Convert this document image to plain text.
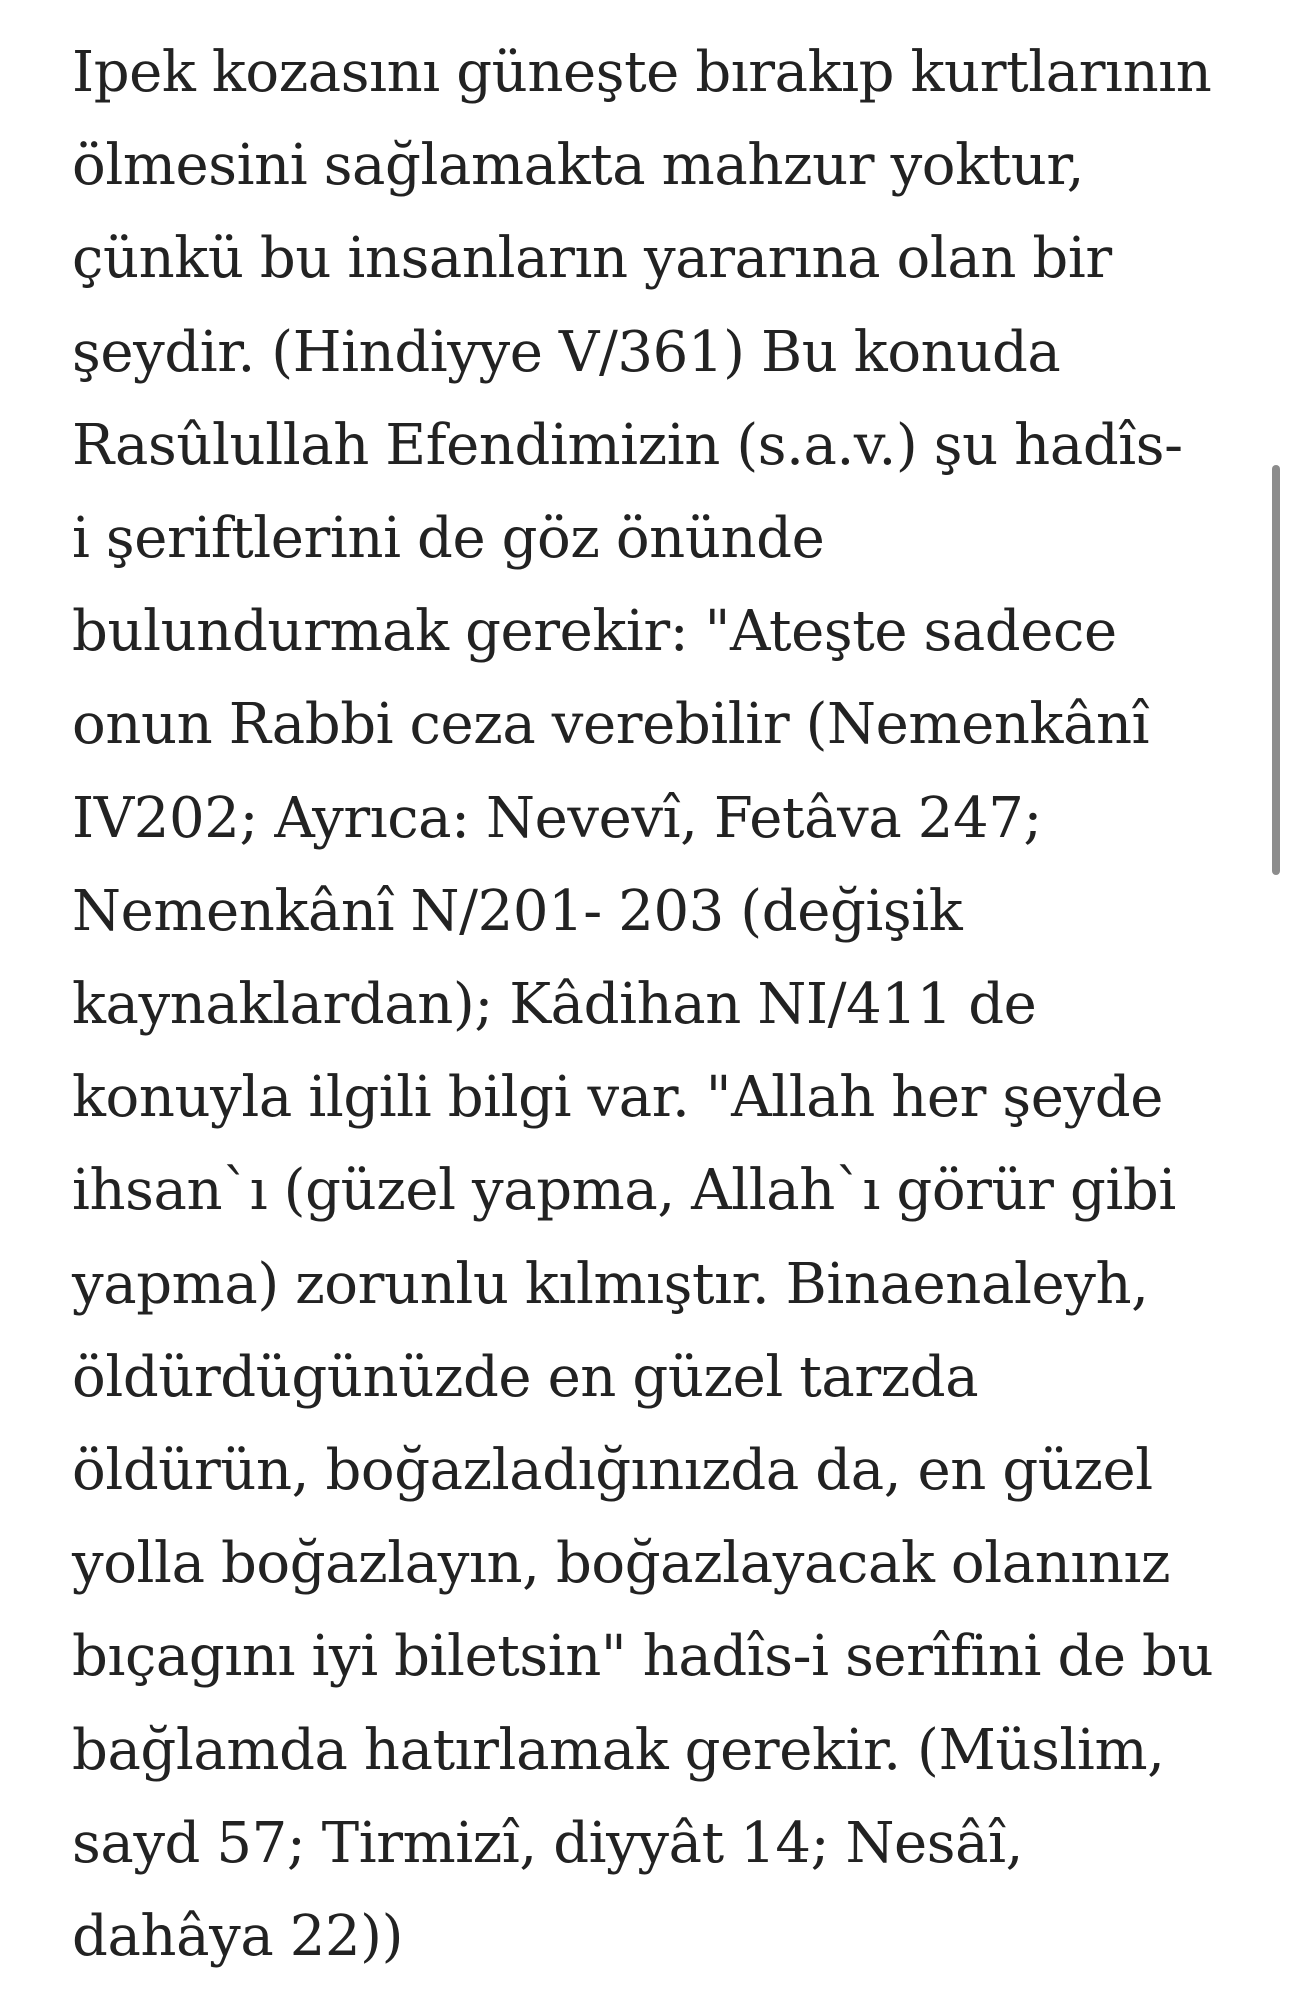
Ipek kozasını güneşte bırakıp kurtlarının
ölmesini sağlamakta mahzur yoktur,
çünkü bu insanların yararına olan bir
şeydir. (Hindiyye V/361) Bu konuda
Rasûlullah Efendimizin (s.a.v.) şu hadîs-
i şeriftlerini de göz önünde
bulundurmak gerekir: "Ateşte sadece
onun Rabbi ceza verebilir (Nemenkânî
IV202; Ayrıca: Nevevî, Fetâva 247;
Nemenkânî N/201- 203 (değişik
kaynaklardan); Kâdihan NI/411 de
konuyla ilgili bilgi var. "Allah her şeyde
ihsan`ı (güzel yapma, Allah`ı görür gibi
yapma) zorunlu kılmıştır. Binaenaleyh,
öldürdügünüzde en güzel tarzda
öldürün, boğazladığınızda da, en güzel
yolla boğazlayın, boğazlayacak olanınız
bıçagını iyi biletsin" hadîs-i serîfini de bu
bağlamda hatırlamak gerekir. (Müslim,
sayd 57; Tirmizî, diyyât 14; Nesâî,
dahâya 22))
